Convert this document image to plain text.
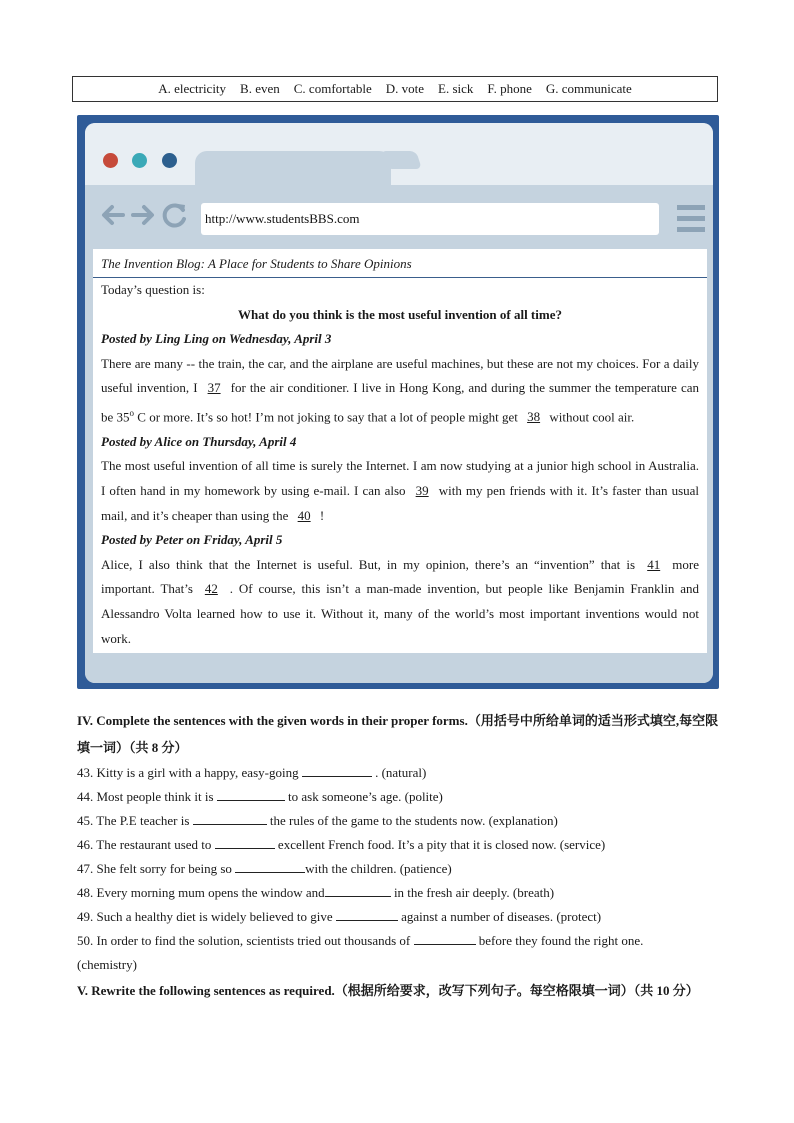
A. electricity B. even C. comfortable D. vote E. sick F. phone G. communicate
http://www.studentsBBS.com
The Invention Blog: A Place for Students to Share Opinions
Today’s question is:
What do you think is the most useful invention of all time?
Posted by Ling Ling on Wednesday, April 3
There are many -- the train, the car, and the airplane are useful machines, but these are not my choices. For a daily useful invention, I 37 for the air conditioner. I live in Hong Kong, and during the summer the temperature can be 35$^o$ C or more. It’s so hot! I’m not joking to say that a lot of people might get 38 without cool air.
Posted by Alice on Thursday, April 4
The most useful invention of all time is surely the Internet. I am now studying at a junior high school in Australia. I often hand in my homework by using e-mail. I can also 39 with my pen friends with it. It’s faster than usual mail, and it’s cheaper than using the 40 !
Posted by Peter on Friday, April 5
Alice, I also think that the Internet is useful. But, in my opinion, there’s an “invention” that is 41 more important. That’s 42 . Of course, this isn’t a man-made invention, but people like Benjamin Franklin and Alessandro Volta learned how to use it. Without it, many of the world’s most important inventions would not work.
IV. Complete the sentences with the given words in their proper forms.（用括号中所给单词的适当形式填空,每空限填一词）（共 8 分）
43. Kitty is a girl with a happy, easy-going	. (natural)
44. Most people think it is	to ask someone’s age. (polite)
45. The P.E teacher is	the rules of the game to the students now. (explanation)
46. The restaurant used to	excellent French food. It’s a pity that it is closed now. (service)
47. She felt sorry for being so	with the children. (patience)
48. Every morning mum opens the window and	in the fresh air deeply. (breath)
49. Such a healthy diet is widely believed to give	against a number of diseases. (protect)
50. In order to find the solution, scientists tried out thousands of	before they found the right one.
(chemistry)
V. Rewrite the following sentences as required.（根据所给要求，改写下列句子。每空格限填一词）（共 10 分）
